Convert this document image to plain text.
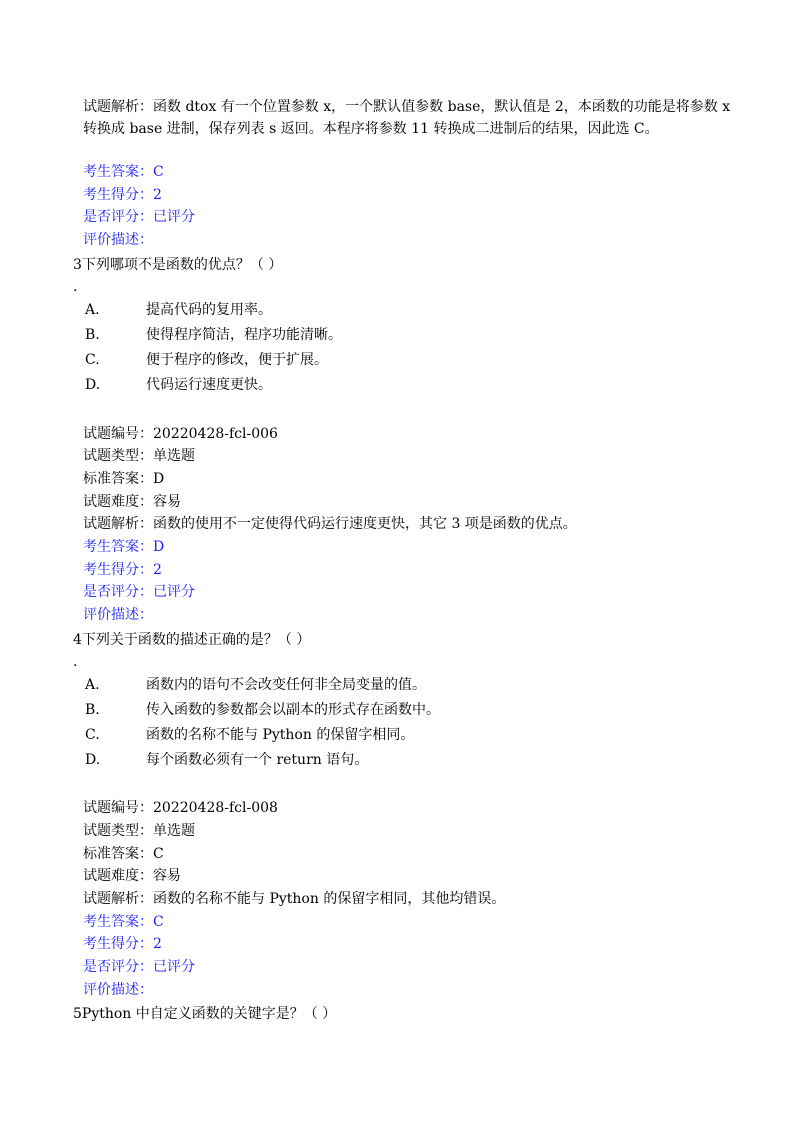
试题解析：函数 dtox 有一个位置参数 x，一个默认值参数 base，默认值是 2，本函数的功能是将参数 x 转换成 base 进制，保存列表 s 返回。本程序将参数 11 转换成二进制后的结果，因此选 C。
考生答案：C
考生得分：2
是否评分：已评分
评价描述：
3下列哪项不是函数的优点？（ ）
.
A.	提高代码的复用率。
B.	使得程序简洁，程序功能清晰。
C.	便于程序的修改，便于扩展。
D.	代码运行速度更快。
试题编号：20220428-fcl-006
试题类型：单选题
标准答案：D
试题难度：容易
试题解析：函数的使用不一定使得代码运行速度更快，其它 3 项是函数的优点。
考生答案：D
考生得分：2
是否评分：已评分
评价描述：
4下列关于函数的描述正确的是？（ ）
.
A.	函数内的语句不会改变任何非全局变量的值。
B.	传入函数的参数都会以副本的形式存在函数中。
C.	函数的名称不能与 Python 的保留字相同。
D.	每个函数必须有一个 return 语句。
试题编号：20220428-fcl-008
试题类型：单选题
标准答案：C
试题难度：容易
试题解析：函数的名称不能与 Python 的保留字相同，其他均错误。
考生答案：C
考生得分：2
是否评分：已评分
评价描述：
5Python 中自定义函数的关键字是？（ ）
